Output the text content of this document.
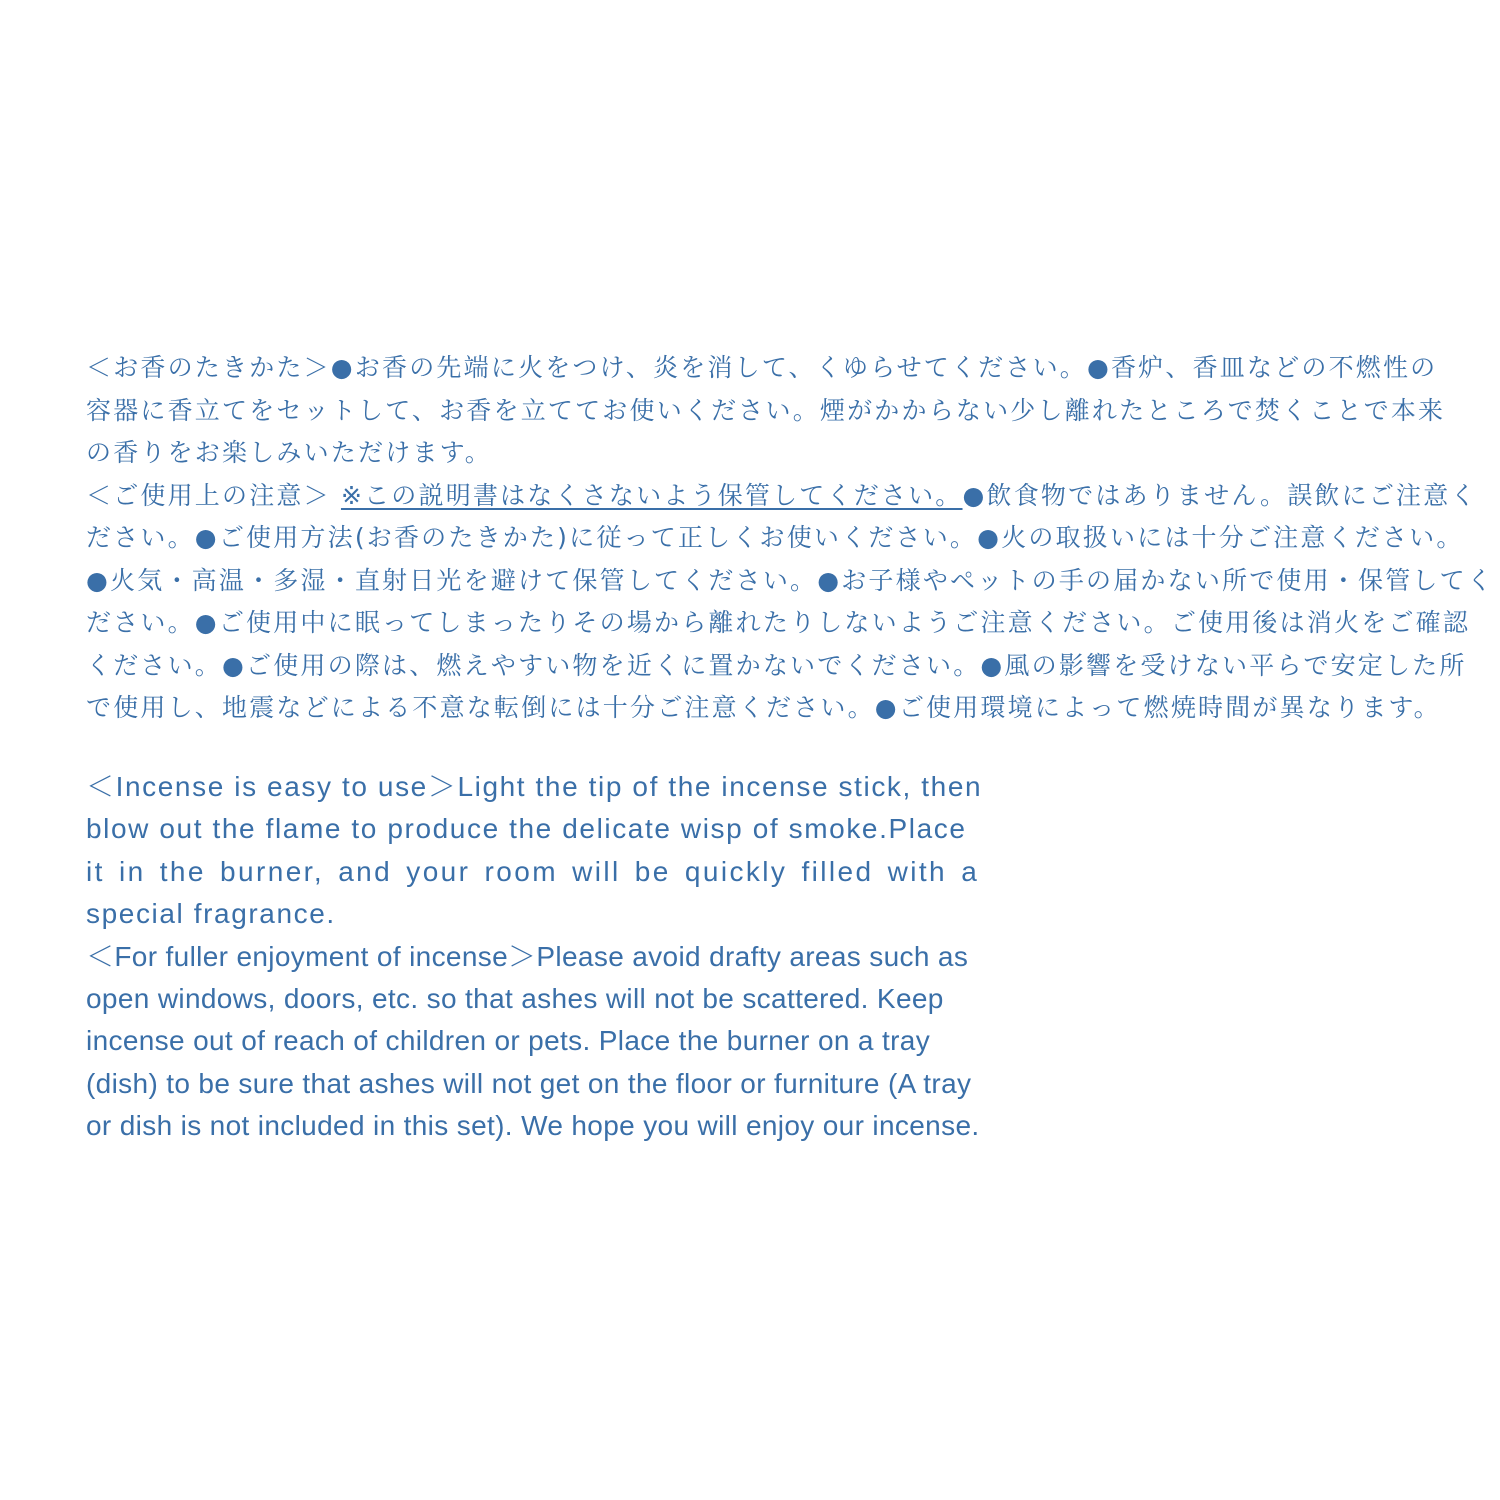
＜お香のたきかた＞●お香の先端に火をつけ、炎を消して、くゆらせてください。●香炉、香皿などの不燃性の
容器に香立てをセットして、お香を立ててお使いください。煙がかからない少し離れたところで焚くことで本来
の香りをお楽しみいただけます。
＜ご使用上の注意＞ ※この説明書はなくさないよう保管してください。●飲食物ではありません。誤飲にご注意く
ださい。●ご使用方法(お香のたきかた)に従って正しくお使いください。●火の取扱いには十分ご注意ください。
●火気・高温・多湿・直射日光を避けて保管してください。●お子様やペットの手の届かない所で使用・保管してく
ださい。●ご使用中に眠ってしまったりその場から離れたりしないようご注意ください。ご使用後は消火をご確認
ください。●ご使用の際は、燃えやすい物を近くに置かないでください。●風の影響を受けない平らで安定した所
で使用し、地震などによる不意な転倒には十分ご注意ください。●ご使用環境によって燃焼時間が異なります。
＜Incense is easy to use＞Light the tip of the incense stick, then
blow out the flame to produce the delicate wisp of smoke.Place
it in the burner, and your room will be quickly filled with a
special fragrance.
＜For fuller enjoyment of incense＞Please avoid drafty areas such as
open windows, doors, etc. so that ashes will not be scattered. Keep
incense out of reach of children or pets. Place the burner on a tray
(dish) to be sure that ashes will not get on the floor or furniture (A tray
or dish is not included in this set). We hope you will enjoy our incense.
